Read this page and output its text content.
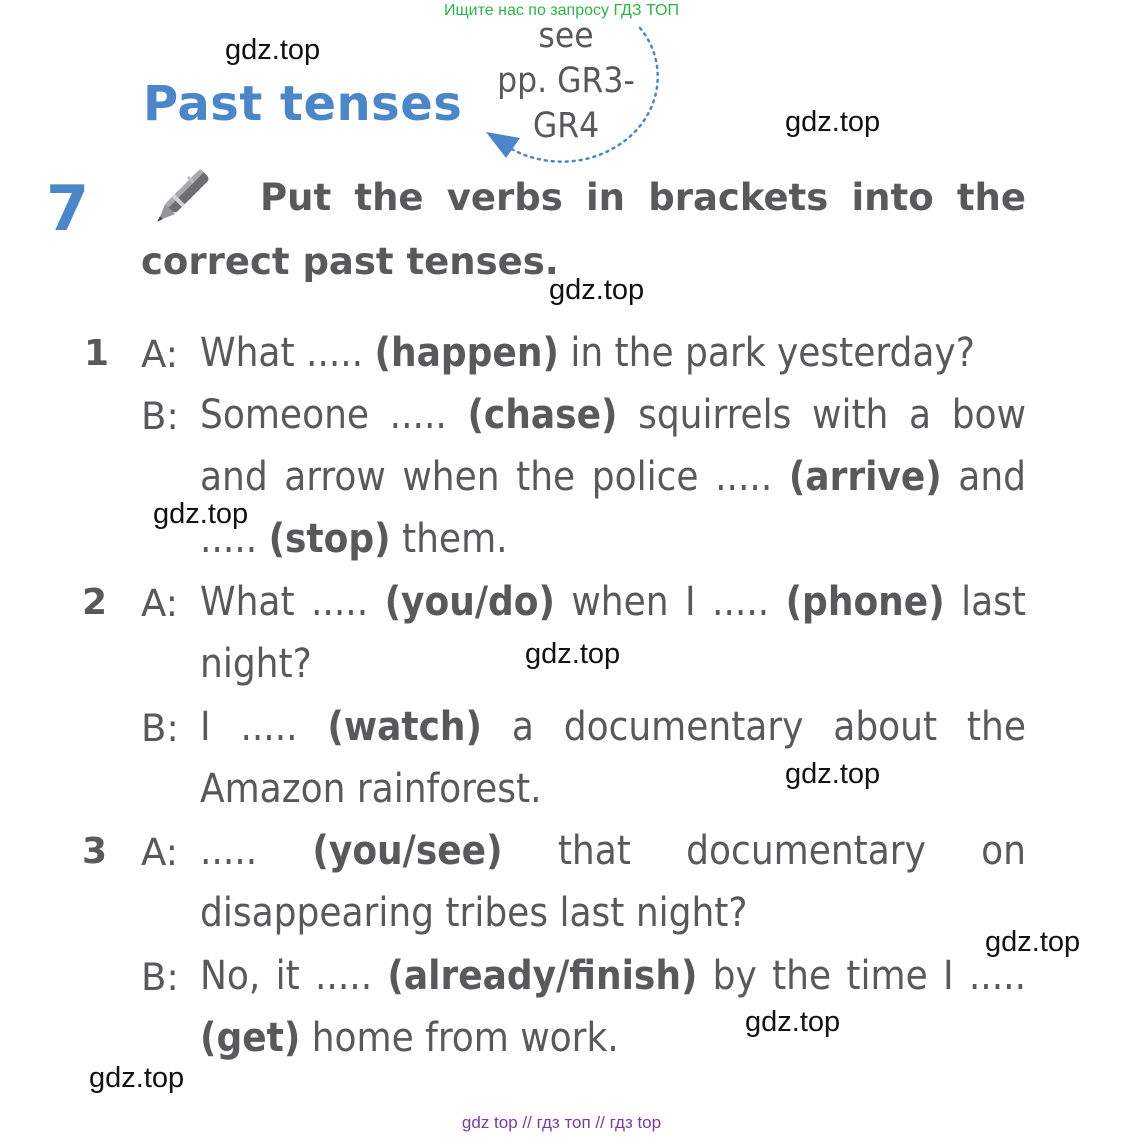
Ищите нас по запросу ГДЗ ТОП
gdz top // гдз топ // гдз top
gdz.top
gdz.top
gdz.top
gdz.top
gdz.top
gdz.top
gdz.top
gdz.top
gdz.top
Past tenses
see
pp. GR3-
GR4
7	Put the verbs in brackets into the
correct past tenses.
1
2
3
A:
B:
A:
B:
A:
B:
What ..... (happen) in the park yesterday?
Someone ..... (chase) squirrels with a bow
and arrow when the police ..... (arrive) and
..... (stop) them.
What ..... (you/do) when I ..... (phone) last
night?
I ..... (watch) a documentary about the
Amazon rainforest.
..... (you/see) that documentary on
disappearing tribes last night?
No, it ..... (already/finish) by the time I .....
(get) home from work.
